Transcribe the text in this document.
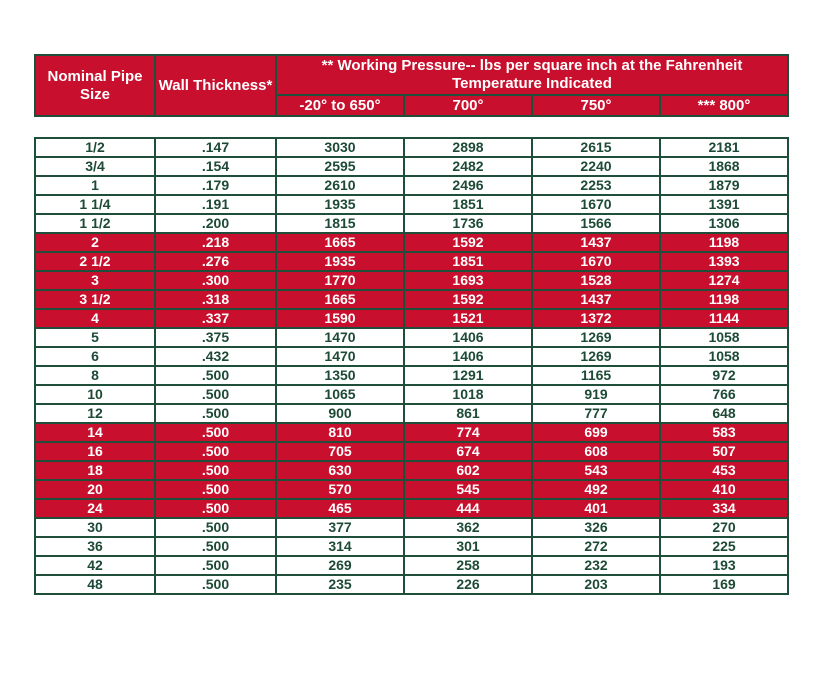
Nominal Pipe Size	Wall Thickness*	** Working Pressure-- lbs per square inch at the Fahrenheit Temperature Indicated			
		-20° to 650°	700°	750°	*** 800°

1/2	.147	3030	2898	2615	2181
3/4	.154	2595	2482	2240	1868
1	.179	2610	2496	2253	1879
1 1/4	.191	1935	1851	1670	1391
1 1/2	.200	1815	1736	1566	1306
2	.218	1665	1592	1437	1198
2 1/2	.276	1935	1851	1670	1393
3	.300	1770	1693	1528	1274
3 1/2	.318	1665	1592	1437	1198
4	.337	1590	1521	1372	1144
5	.375	1470	1406	1269	1058
6	.432	1470	1406	1269	1058
8	.500	1350	1291	1165	972
10	.500	1065	1018	919	766
12	.500	900	861	777	648
14	.500	810	774	699	583
16	.500	705	674	608	507
18	.500	630	602	543	453
20	.500	570	545	492	410
24	.500	465	444	401	334
30	.500	377	362	326	270
36	.500	314	301	272	225
42	.500	269	258	232	193
48	.500	235	226	203	169
